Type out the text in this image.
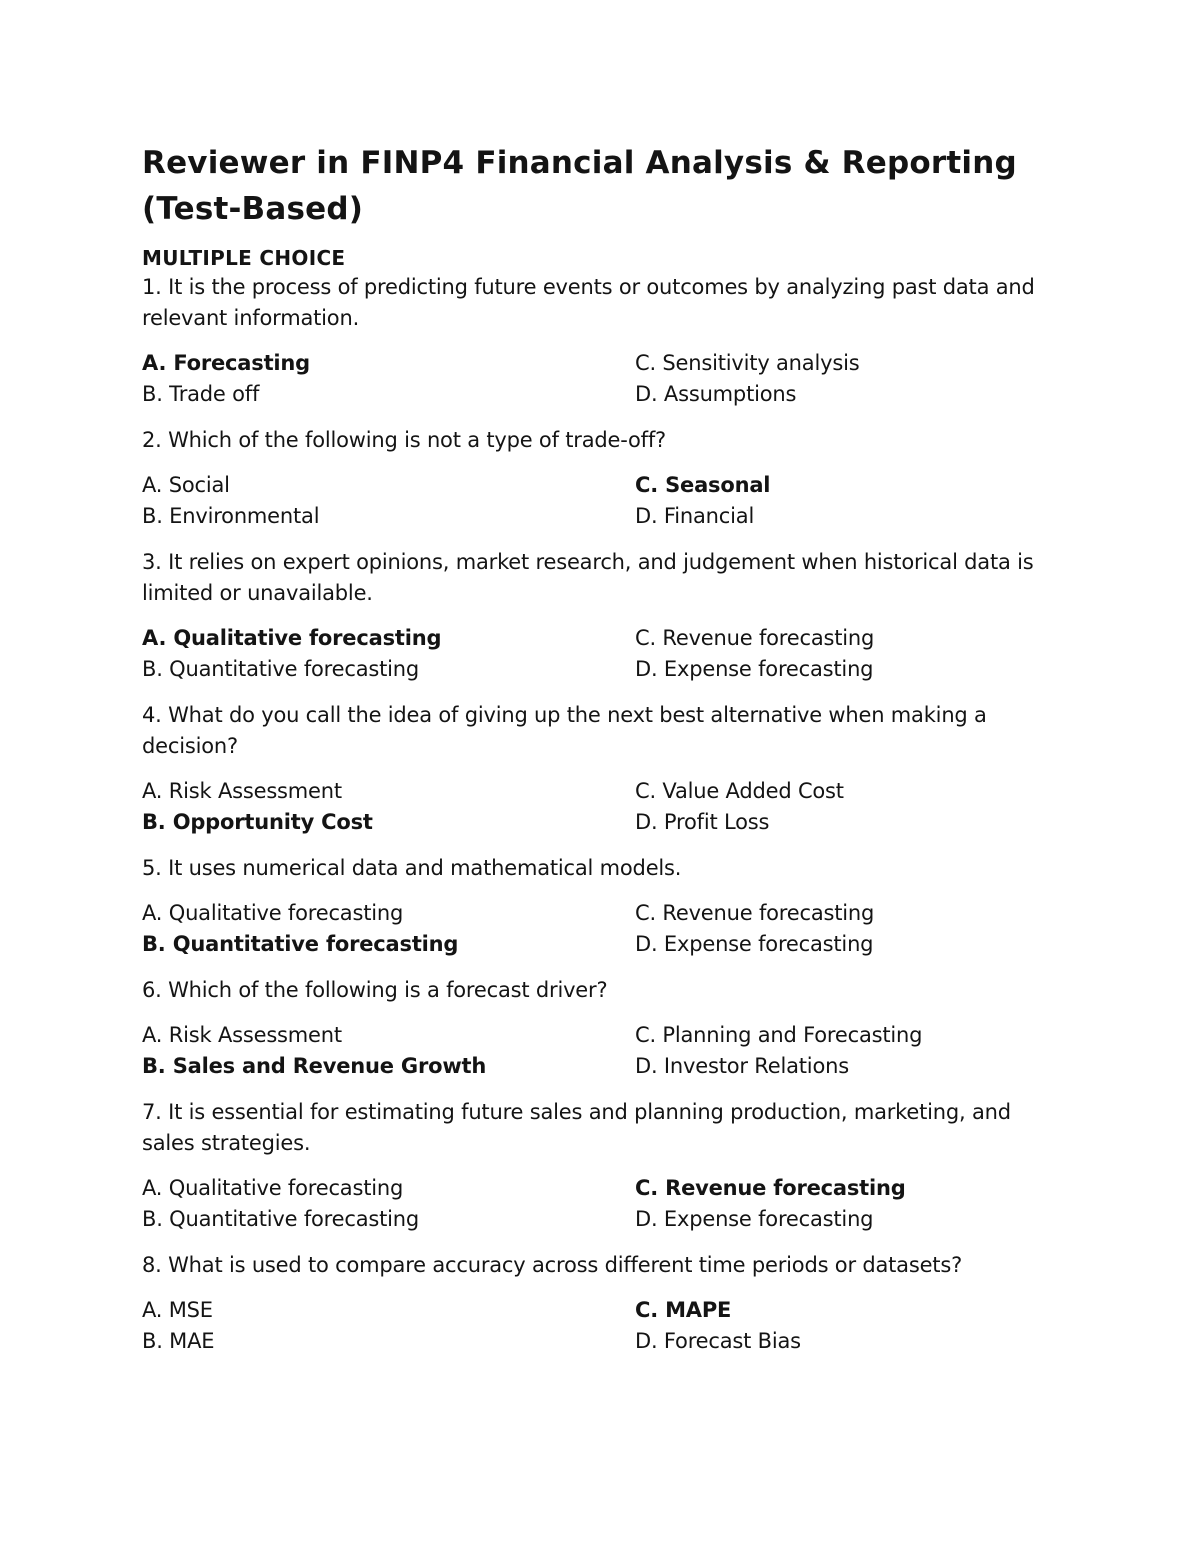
Reviewer in FINP4 Financial Analysis & Reporting
(Test-Based)
MULTIPLE CHOICE

1. It is the process of predicting future events or outcomes by analyzing past data and relevant information.

A. Forecasting	C. Sensitivity analysis
B. Trade off	D. Assumptions

2. Which of the following is not a type of trade-off?

A. Social	C. Seasonal
B. Environmental	D. Financial

3. It relies on expert opinions, market research, and judgement when historical data is limited or unavailable.

A. Qualitative forecasting	C. Revenue forecasting
B. Quantitative forecasting	D. Expense forecasting

4. What do you call the idea of giving up the next best alternative when making a decision?

A. Risk Assessment	C. Value Added Cost
B. Opportunity Cost	D. Profit Loss

5. It uses numerical data and mathematical models.

A. Qualitative forecasting	C. Revenue forecasting
B. Quantitative forecasting	D. Expense forecasting

6. Which of the following is a forecast driver?

A. Risk Assessment	C. Planning and Forecasting
B. Sales and Revenue Growth	D. Investor Relations

7. It is essential for estimating future sales and planning production, marketing, and sales strategies.

A. Qualitative forecasting	C. Revenue forecasting
B. Quantitative forecasting	D. Expense forecasting

8. What is used to compare accuracy across different time periods or datasets?

A. MSE	C. MAPE
B. MAE	D. Forecast Bias
